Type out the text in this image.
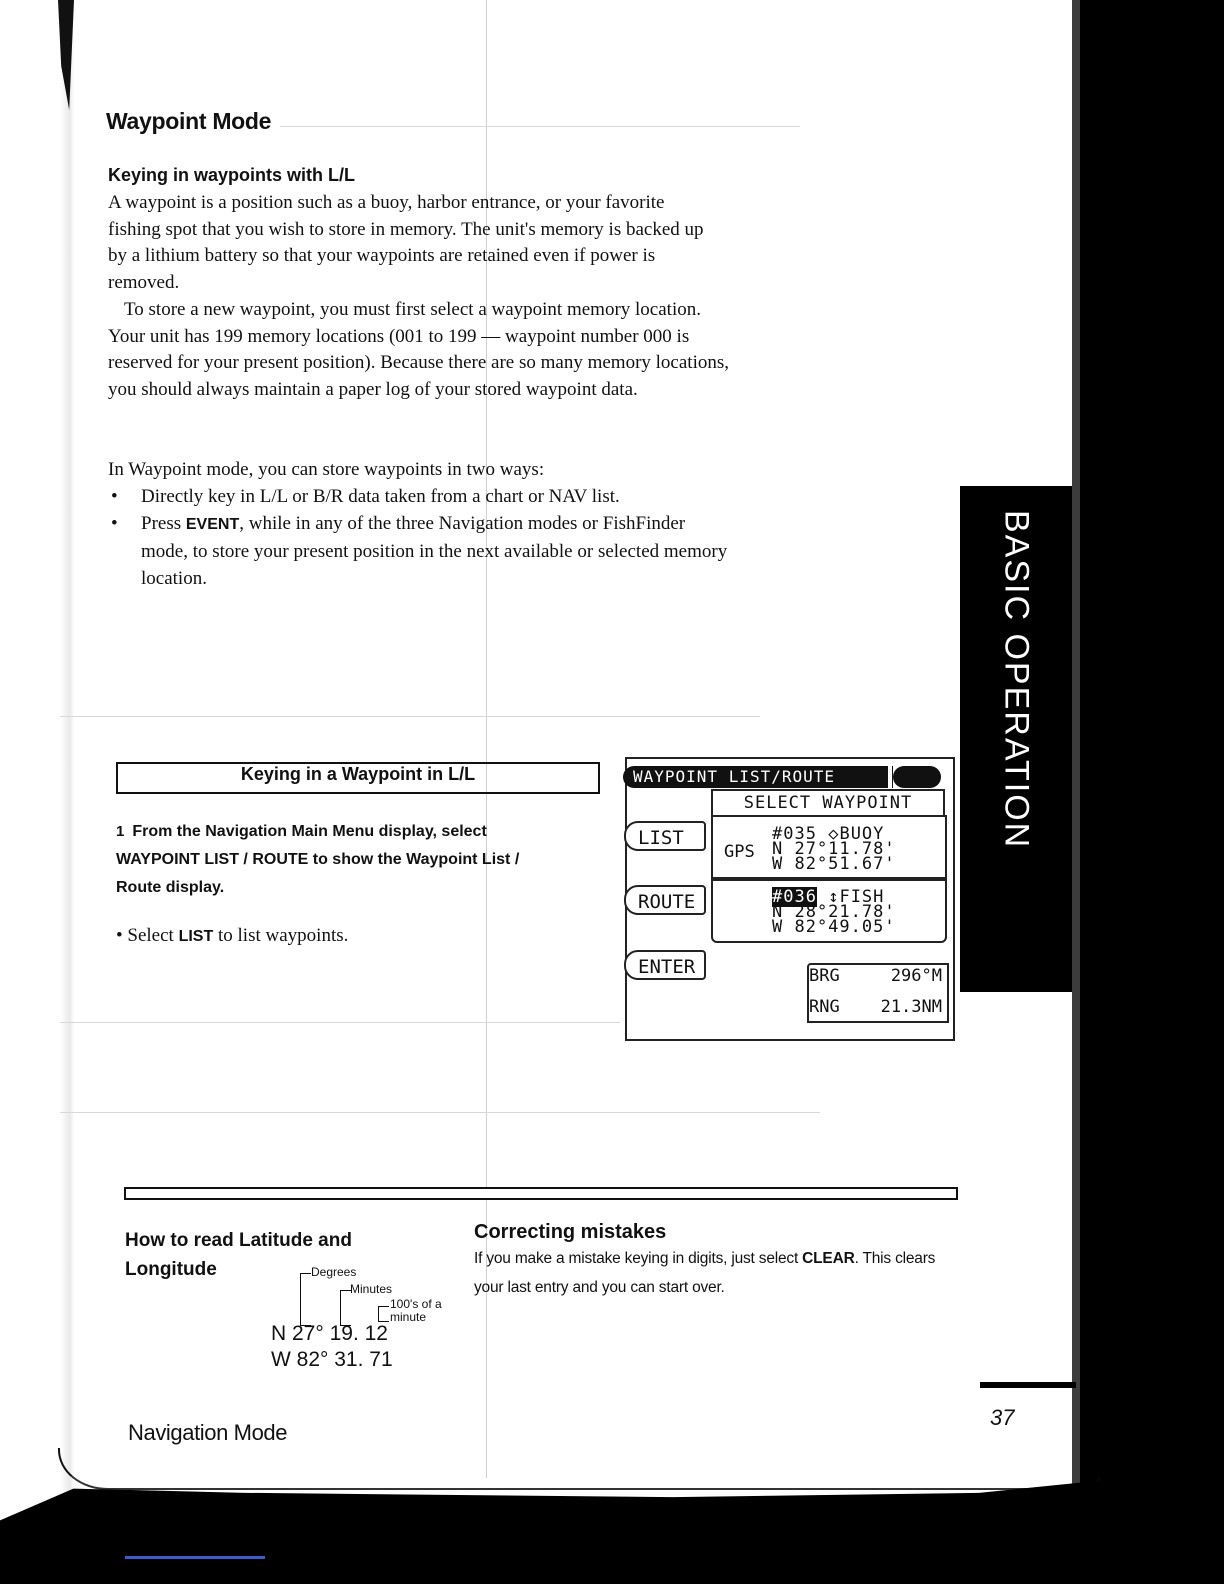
BASIC OPERATION
Waypoint Mode
Keying in waypoints with L/L
A waypoint is a position such as a buoy, harbor entrance, or your favorite fishing spot that you wish to store in memory. The unit's memory is backed up by a lithium battery so that your waypoints are retained even if power is removed.
To store a new waypoint, you must first select a waypoint memory location. Your unit has 199 memory locations (001 to 199 — waypoint number 000 is reserved for your present position). Because there are so many memory locations, you should always maintain a paper log of your stored waypoint data.
In Waypoint mode, you can store waypoints in two ways:
• Directly key in L/L or B/R data taken from a chart or NAV list.
• Press EVENT, while in any of the three Navigation modes or FishFinder mode, to store your present position in the next available or selected memory location.
Keying in a Waypoint in L/L
1 From the Navigation Main Menu display, select WAYPOINT LIST / ROUTE to show the Waypoint List / Route display.
• Select LIST to list waypoints.
WAYPOINT LIST/ROUTE
SELECT WAYPOINT
LIST
ROUTE
ENTER
GPS
#035 ◇BUOY
N 27°11.78'
W 82°51.67'
#036 ↕FISH
N 28°21.78'
W 82°49.05'
BRG	296°M
RNG 21.3NM
How to read Latitude and Longitude	Degrees
Minutes
100's of a minute
N 27° 19. 12
W 82° 31. 71
Correcting mistakes
If you make a mistake keying in digits, just select CLEAR. This clears your last entry and you can start over.
Navigation Mode
37
